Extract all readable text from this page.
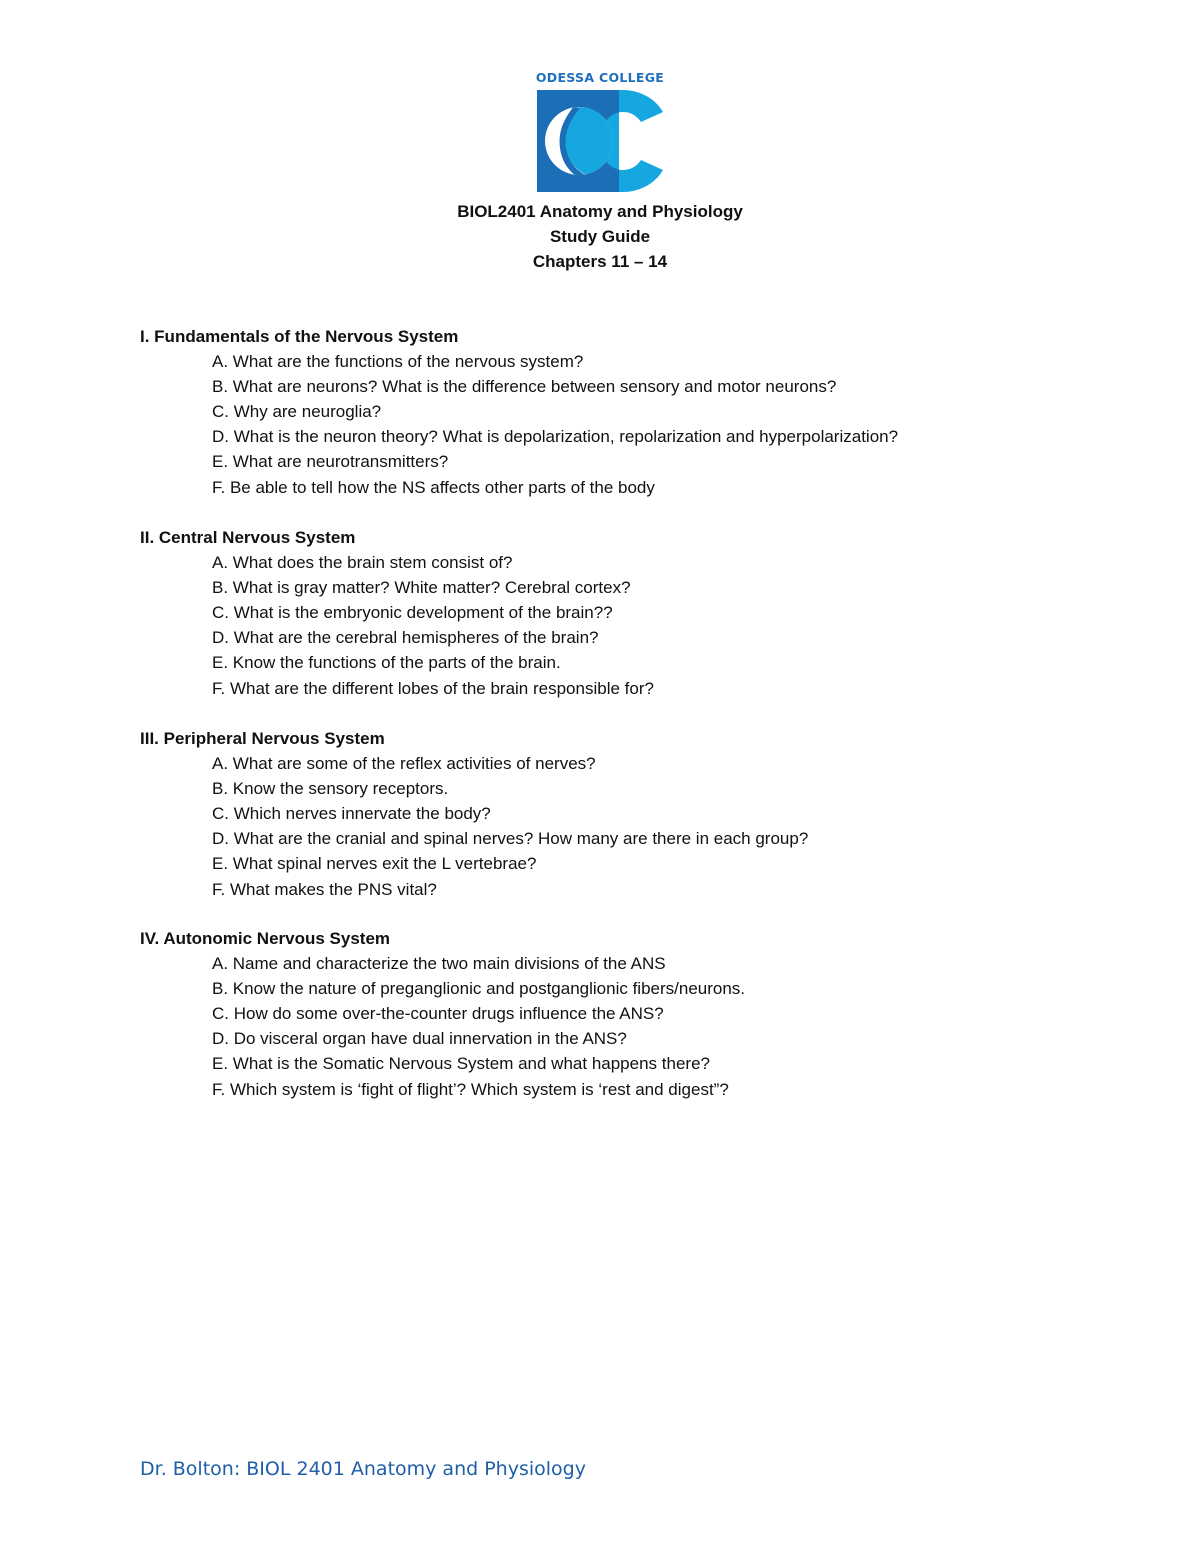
ODESSA COLLEGE
BIOL2401 Anatomy and Physiology
Study Guide
Chapters 11 – 14
I. Fundamentals of the Nervous System
A. What are the functions of the nervous system?
B. What are neurons? What is the difference between sensory and motor neurons?
C. Why are neuroglia?
D. What is the neuron theory? What is depolarization, repolarization and hyperpolarization?
E. What are neurotransmitters?
F. Be able to tell how the NS affects other parts of the body
II. Central Nervous System
A. What does the brain stem consist of?
B. What is gray matter? White matter? Cerebral cortex?
C. What is the embryonic development of the brain??
D. What are the cerebral hemispheres of the brain?
E. Know the functions of the parts of the brain.
F. What are the different lobes of the brain responsible for?
III. Peripheral Nervous System
A. What are some of the reflex activities of nerves?
B. Know the sensory receptors.
C. Which nerves innervate the body?
D. What are the cranial and spinal nerves? How many are there in each group?
E. What spinal nerves exit the L vertebrae?
F. What makes the PNS vital?
IV. Autonomic Nervous System
A. Name and characterize the two main divisions of the ANS
B. Know the nature of preganglionic and postganglionic fibers/neurons.
C. How do some over-the-counter drugs influence the ANS?
D. Do visceral organ have dual innervation in the ANS?
E. What is the Somatic Nervous System and what happens there?
F. Which system is ‘fight of flight’? Which system is ‘rest and digest”?
Dr. Bolton: BIOL 2401 Anatomy and Physiology
